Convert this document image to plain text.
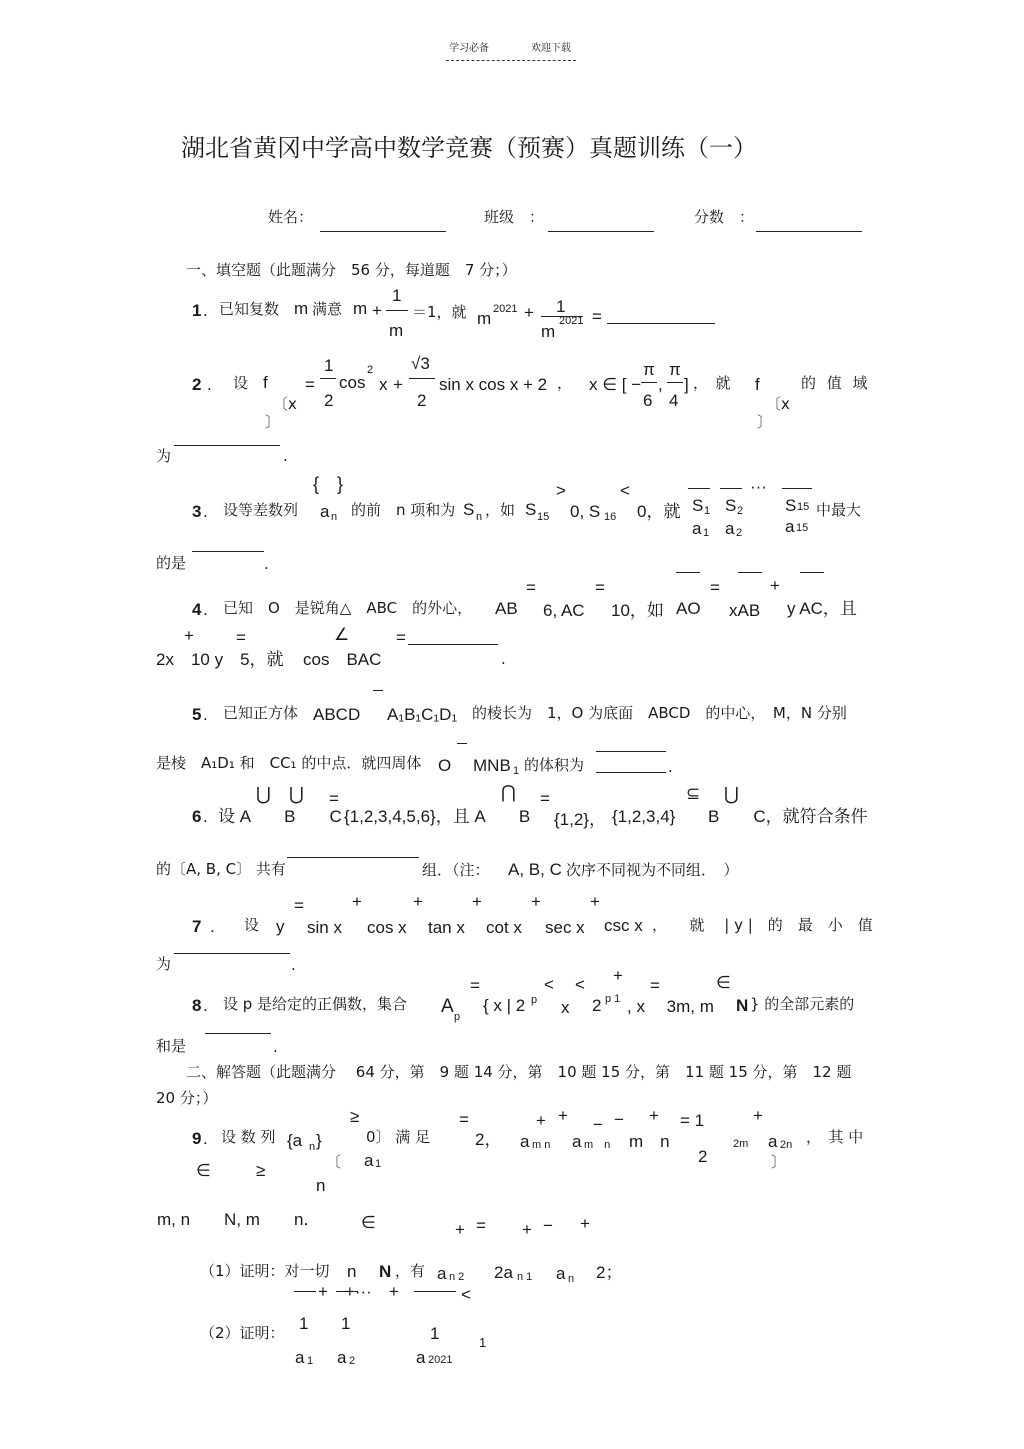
学习必备	欢迎下载
湖北省黄冈中学高中数学竞赛（预赛）真题训练（一）
姓名：	班级　：	分数　：
一、填空题（此题满分　56 分，每道题　7 分；）
1 . 已知复数 m 满意 m +
1
m
＝1，就 m 2021 + 1
m
2021 =
2 . 设 f
〔x
〕
=
1
2
cos
2
x +
√3
2
sin x cos x + 2 ， x ∈ [ −
π
6
,
π
4
] ，　就 f
〔x
〕
的 值 域
为	.
{　}	>	<	···
3 . 设等差数列 a n 的前　n 项和为 S n ，如 S 15 0, S 16 0，就 S 1
a 1
S 2
a 2
S 15
a 15
中最大
的是	.
=	=	=	+
4 . 已知　O　是锐角△　ABC　的外心， AB 6, AC 10，如 AO xAB y AC，且
+ =	∠	=
2x　10 y　5，就 cos　BAC	.
5 . 已知正方体 ABCD A₁B₁C₁D₁ 的棱长为　1，O 为底面　ABCD　的中心，　M，N 分别
是棱　A₁D₁ 和　CC₁ 的中点．就四周体 O MNB 1 的体积为	.
⋃ ⋃ =	⋂ =	⊆ ⋃
6 . 设 A　　B　　C {1,2,3,4,5,6}，且 A　　B {1,2}， {1,2,3,4} B　　C，就符合条件
的〔A, B, C〕 共有	组．（注： A, B, C 次序不同视为不同组．　）
=	+	+	+	+	+
7 . 设 y sin x cos x tan x cot x sec x csc x ，　　就　 | y |　的　最　小　值
为	.
=	< < +
=	∈
8 . 设 p 是给定的正偶数，集合 A p
{ x | 2 p x 2 p 1 , x　 3m, m N } 的全部元素的
和是	.
二、解答题（此题满分　 64 分，第　9 题 14 分，第　10 题 15 分，第　11 题 15 分，第　12 题
20 分；）
≥	=	+ + − − + = 1	+
9 . 设 数 列 {a n }	0〕 满 足	2， a m n a m　n m　n
2
2m a 2n ，　其 中
∈	≥	〔 a 1	〕
n
m, n　　N, m　　n． ∈	+ = + − +
（1）证明：对一切 n N ，有 a n 2 2a n 1 a n 2；
+　+···　+	<
（2）证明： 1 1
1
a 1 a 2	a 2021
1
